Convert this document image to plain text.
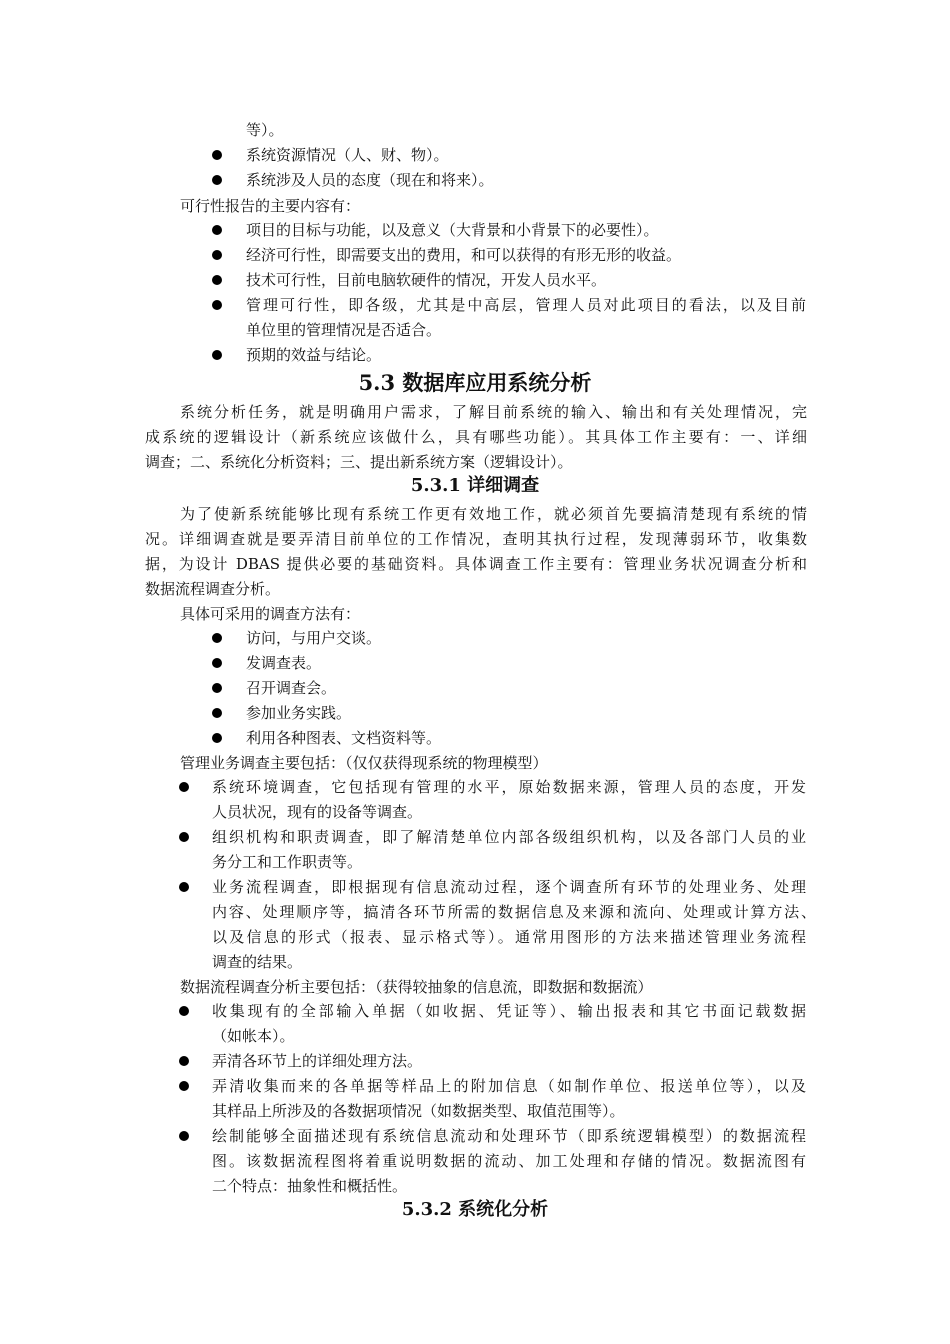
等）。
系统资源情况（人、财、物）。
系统涉及人员的态度（现在和将来）。
可行性报告的主要内容有：
项目的目标与功能，以及意义（大背景和小背景下的必要性）。
经济可行性，即需要支出的费用，和可以获得的有形无形的收益。
技术可行性，目前电脑软硬件的情况，开发人员水平。
管理可行性，即各级，尤其是中高层，管理人员对此项目的看法，以及目前
单位里的管理情况是否适合。
预期的效益与结论。
5.3 数据库应用系统分析
系统分析任务，就是明确用户需求，了解目前系统的输入、输出和有关处理情况，完
成系统的逻辑设计（新系统应该做什么，具有哪些功能）。其具体工作主要有：一、详细
调查；二、系统化分析资料；三、提出新系统方案（逻辑设计）。
5.3.1 详细调查
为了使新系统能够比现有系统工作更有效地工作，就必须首先要搞清楚现有系统的情
况。详细调查就是要弄清目前单位的工作情况，查明其执行过程，发现薄弱环节，收集数
据，为设计 DBAS 提供必要的基础资料。具体调查工作主要有：管理业务状况调查分析和
数据流程调查分析。
具体可采用的调查方法有：
访问，与用户交谈。
发调查表。
召开调查会。
参加业务实践。
利用各种图表、文档资料等。
管理业务调查主要包括：（仅仅获得现系统的物理模型）
系统环境调查，它包括现有管理的水平，原始数据来源，管理人员的态度，开发
人员状况，现有的设备等调查。
组织机构和职责调查，即了解清楚单位内部各级组织机构，以及各部门人员的业
务分工和工作职责等。
业务流程调查，即根据现有信息流动过程，逐个调查所有环节的处理业务、处理
内容、处理顺序等，搞清各环节所需的数据信息及来源和流向、处理或计算方法、
以及信息的形式（报表、显示格式等）。通常用图形的方法来描述管理业务流程
调查的结果。
数据流程调查分析主要包括：（获得较抽象的信息流，即数据和数据流）
收集现有的全部输入单据（如收据、凭证等）、输出报表和其它书面记载数据
（如帐本）。
弄清各环节上的详细处理方法。
弄清收集而来的各单据等样品上的附加信息（如制作单位、报送单位等），以及
其样品上所涉及的各数据项情况（如数据类型、取值范围等）。
绘制能够全面描述现有系统信息流动和处理环节（即系统逻辑模型）的数据流程
图。该数据流程图将着重说明数据的流动、加工处理和存储的情况。数据流图有
二个特点：抽象性和概括性。
5.3.2 系统化分析
